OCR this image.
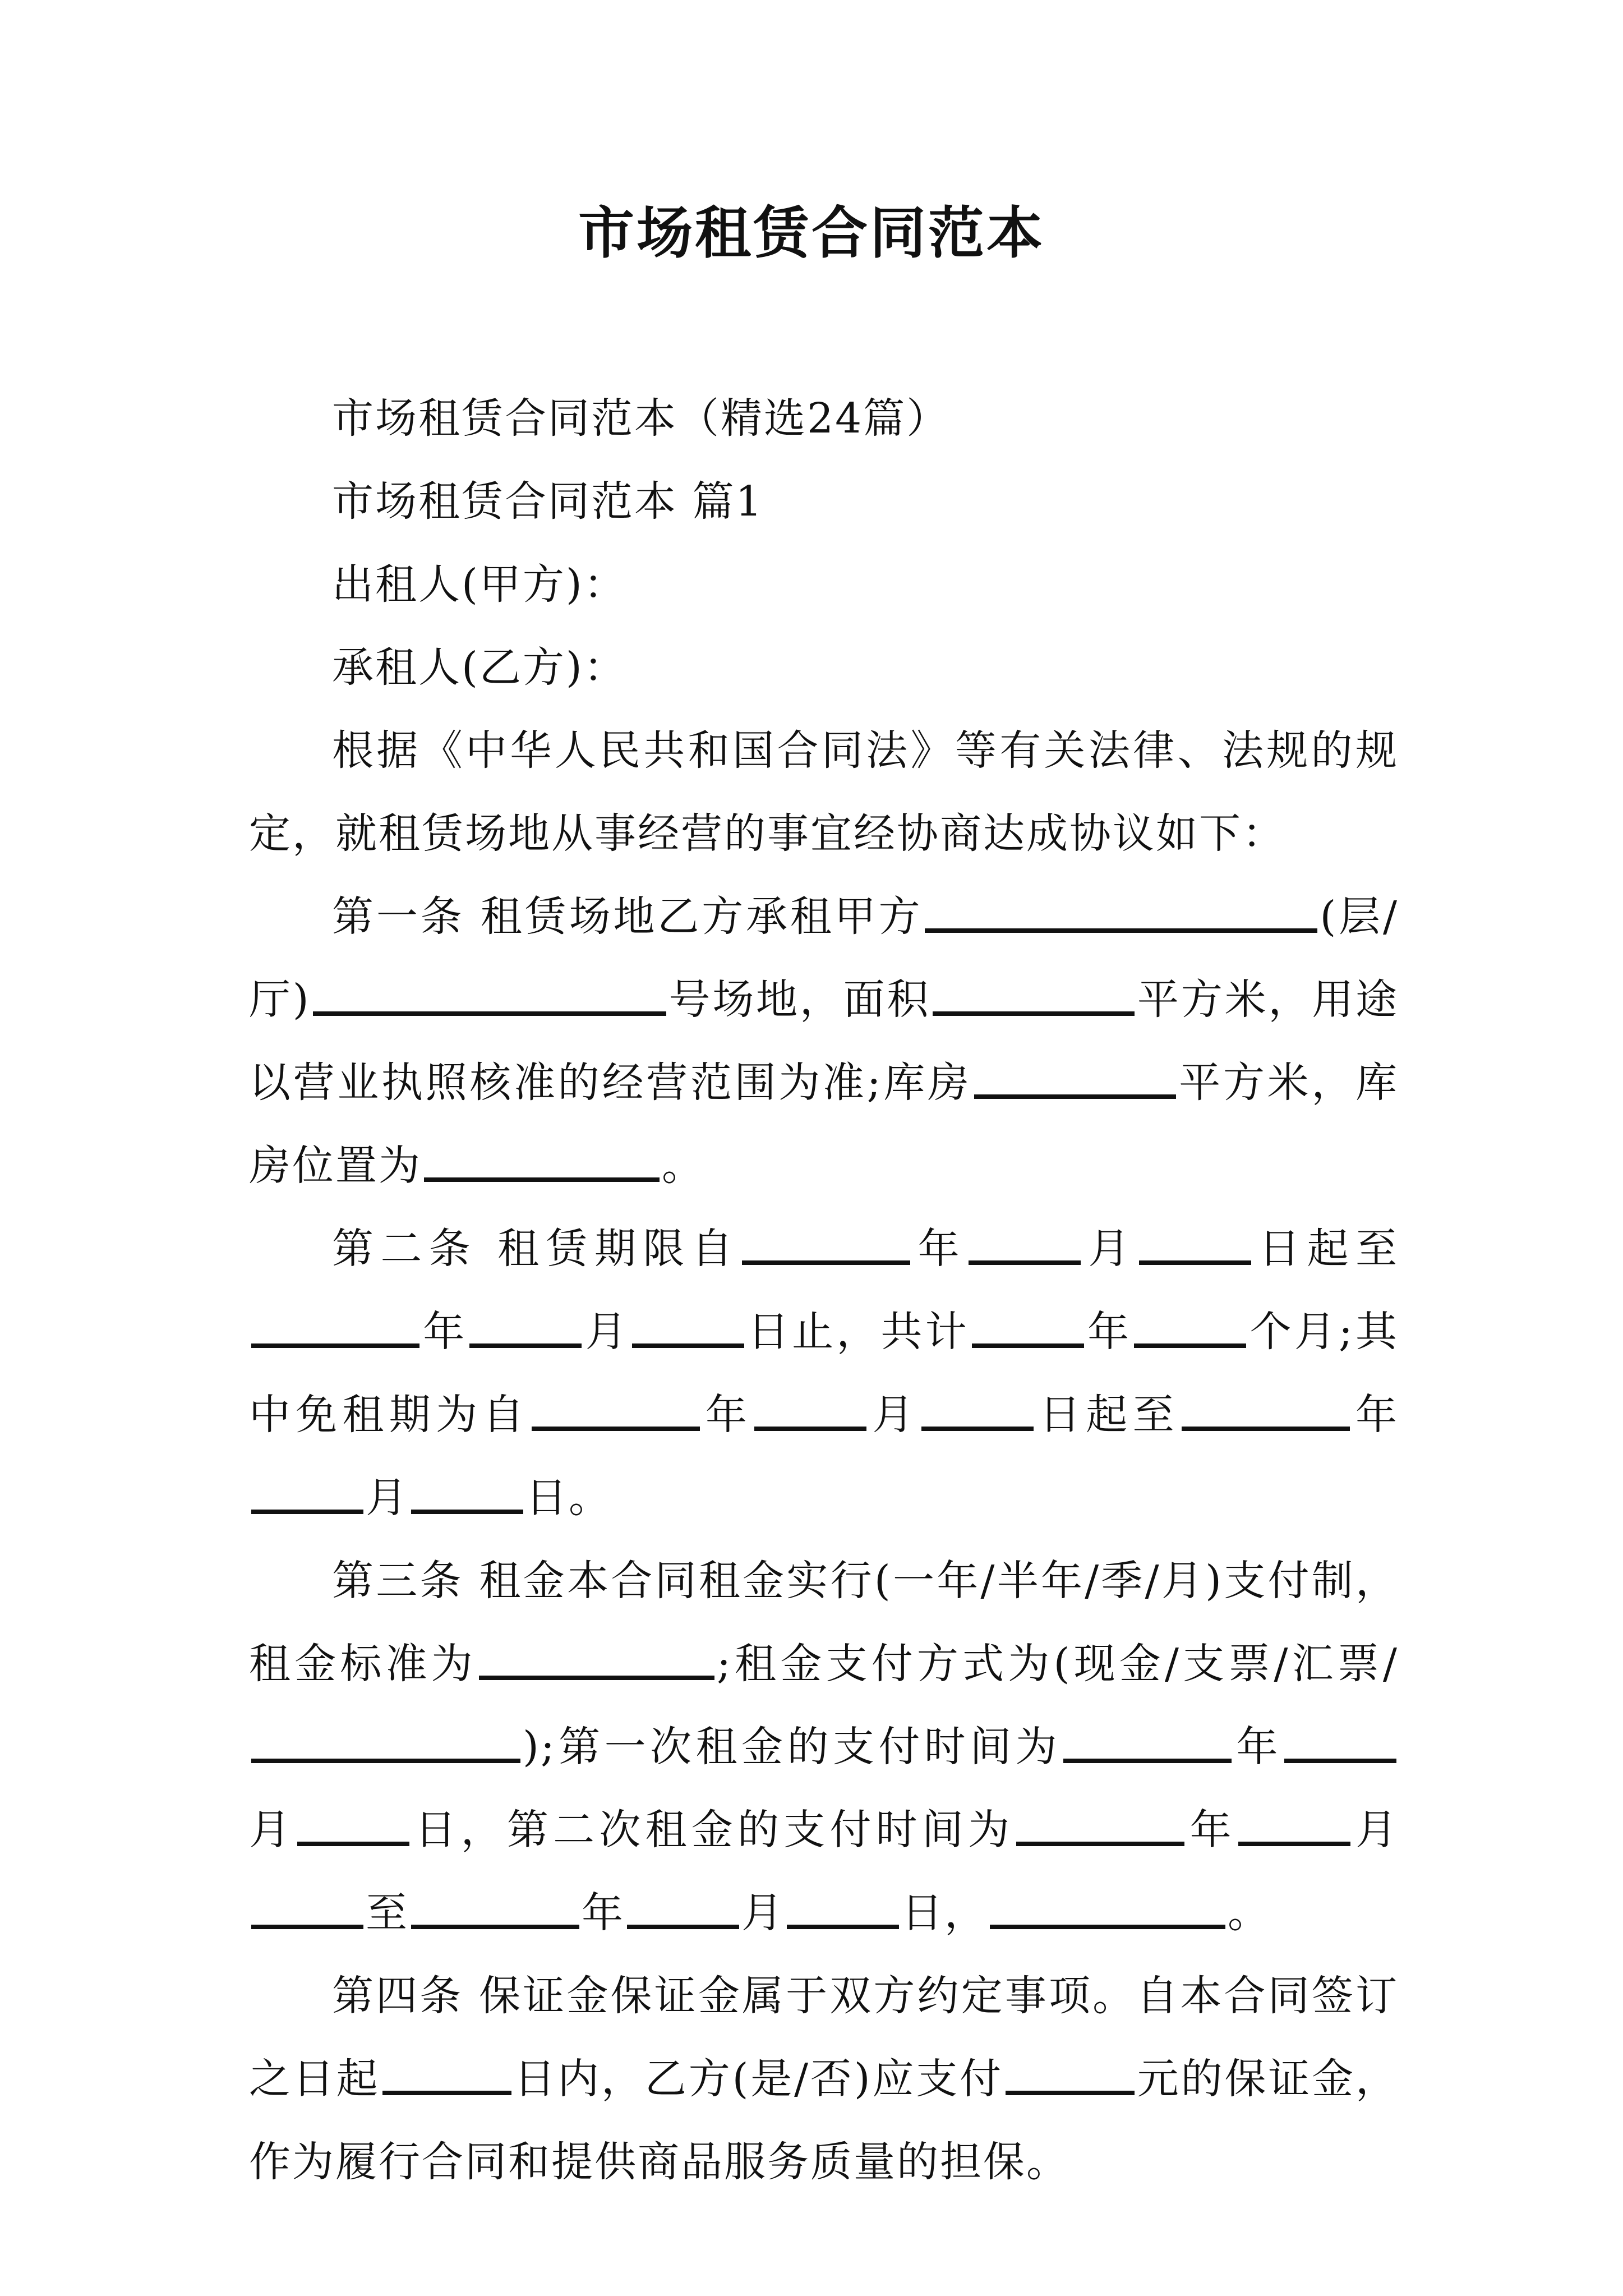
市场租赁合同范本

市场租赁合同范本（精选24篇）

市场租赁合同范本 篇1

出租人(甲方)：

承租人(乙方)：

根据《中华人民共和国合同法》等有关法律、法规的规定，就租赁场地从事经营的事宜经协商达成协议如下：

第一条 租赁场地乙方承租甲方	(层/厅)	号场地，面积	平方米，用途以营业执照核准的经营范围为准;库房	平方米，库房位置为	。

第二条 租赁期限自	年	月	日起至年	月	日止，共计	年	个月;其中免租期为自	年	月	日起至	年月	日。

第三条 租金本合同租金实行(一年/半年/季/月)支付制，租金标准为	;租金支付方式为(现金/支票/汇票/);第一次租金的支付时间为	年月	日，第二次租金的支付时间为	年	月至	年	月	日，	。

第四条 保证金保证金属于双方约定事项。自本合同签订之日起	日内，乙方(是/否)应支付	元的保证金，作为履行合同和提供商品服务质量的担保。
